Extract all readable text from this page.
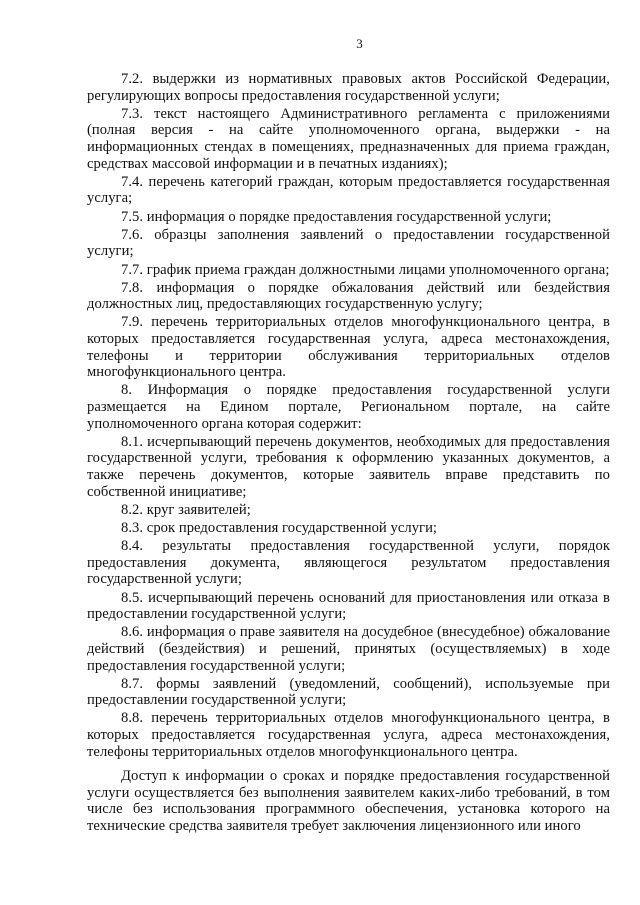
3

7.2. выдержки из нормативных правовых актов Российской Федерации, регулирующих вопросы предоставления государственной услуги;

7.3. текст настоящего Административного регламента с приложениями (полная версия - на сайте уполномоченного органа, выдержки - на информационных стендах в помещениях, предназначенных для приема граждан, средствах массовой информации и в печатных изданиях);

7.4. перечень категорий граждан, которым предоставляется государственная услуга;

7.5. информация о порядке предоставления государственной услуги;

7.6. образцы заполнения заявлений о предоставлении государственной услуги;

7.7. график приема граждан должностными лицами уполномоченного органа;

7.8. информация о порядке обжалования действий или бездействия должностных лиц, предоставляющих государственную услугу;

7.9. перечень территориальных отделов многофункционального центра, в которых предоставляется государственная услуга, адреса местонахождения, телефоны и территории обслуживания территориальных отделов многофункционального центра.

8. Информация о порядке предоставления государственной услуги размещается на Едином портале, Региональном портале, на сайте уполномоченного органа которая содержит:

8.1. исчерпывающий перечень документов, необходимых для предоставления государственной услуги, требования к оформлению указанных документов, а также перечень документов, которые заявитель вправе представить по собственной инициативе;

8.2. круг заявителей;

8.3. срок предоставления государственной услуги;

8.4. результаты предоставления государственной услуги, порядок предоставления документа, являющегося результатом предоставления государственной услуги;

8.5. исчерпывающий перечень оснований для приостановления или отказа в предоставлении государственной услуги;

8.6. информация о праве заявителя на досудебное (внесудебное) обжалование действий (бездействия) и решений, принятых (осуществляемых) в ходе предоставления государственной услуги;

8.7. формы заявлений (уведомлений, сообщений), используемые при предоставлении государственной услуги;

8.8. перечень территориальных отделов многофункционального центра, в которых предоставляется государственная услуга, адреса местонахождения, телефоны территориальных отделов многофункционального центра.

Доступ к информации о сроках и порядке предоставления государственной услуги осуществляется без выполнения заявителем каких-либо требований, в том числе без использования программного обеспечения, установка которого на технические средства заявителя требует заключения лицензионного или иного
